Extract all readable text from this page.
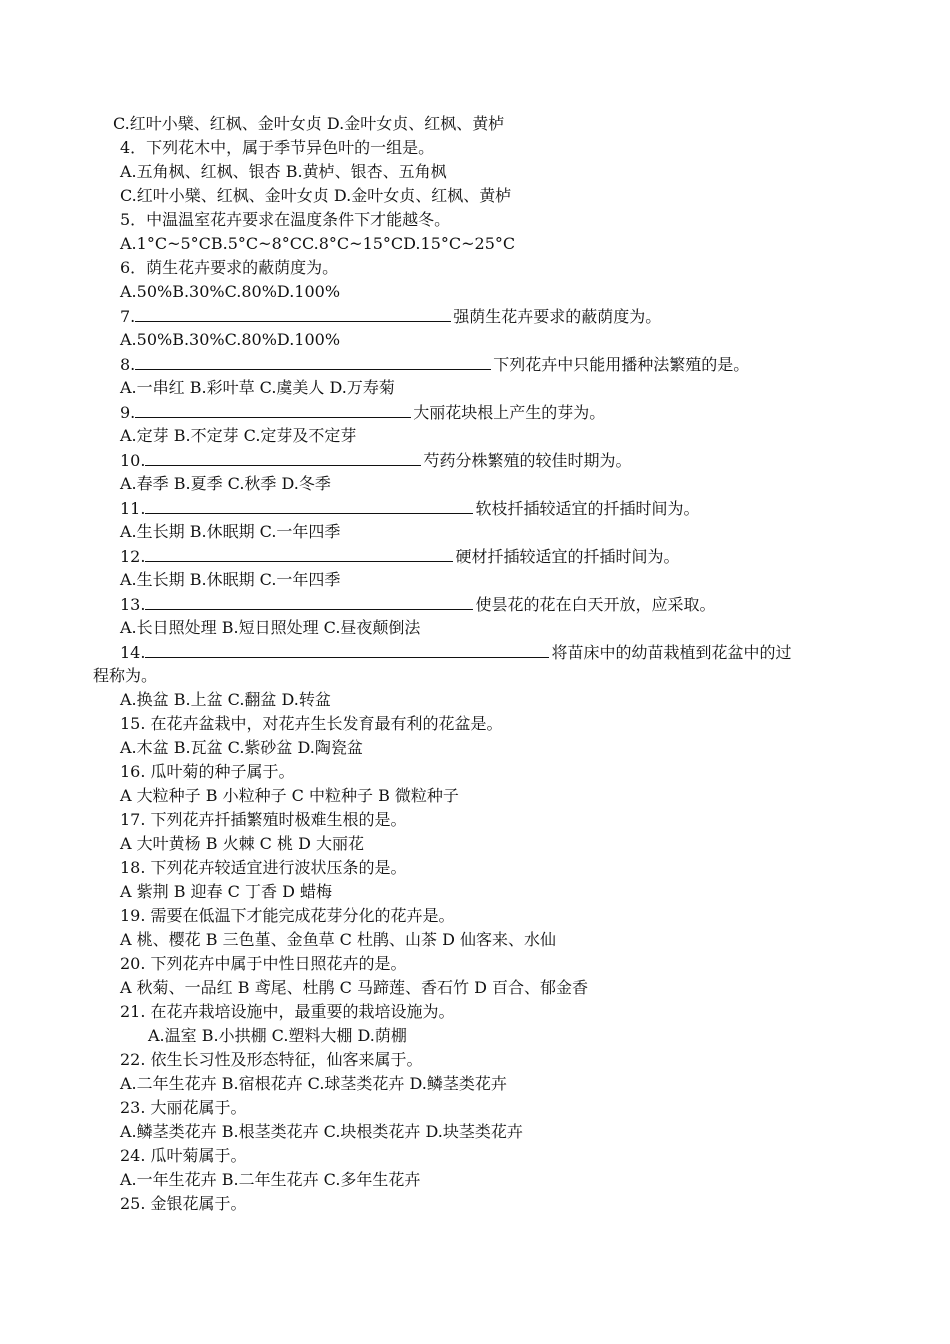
C.红叶小檗、红枫、金叶女贞 D.金叶女贞、红枫、黄栌
4．下列花木中，属于季节异色叶的一组是。
A.五角枫、红枫、银杏 B.黄栌、银杏、五角枫
C.红叶小檗、红枫、金叶女贞 D.金叶女贞、红枫、黄栌
5．中温温室花卉要求在温度条件下才能越冬。
A.1°C~5°CB.5°C~8°CC.8°C~15°CD.15°C~25°C
6．荫生花卉要求的蔽荫度为。
A.50%B.30%C.80%D.100%
7.	强荫生花卉要求的蔽荫度为。
A.50%B.30%C.80%D.100%
8.	下列花卉中只能用播种法繁殖的是。
A.一串红 B.彩叶草 C.虞美人 D.万寿菊
9.	大丽花块根上产生的芽为。
A.定芽 B.不定芽 C.定芽及不定芽
10.	芍药分株繁殖的较佳时期为。
A.春季 B.夏季 C.秋季 D.冬季
11.	软枝扦插较适宜的扦插时间为。
A.生长期 B.休眠期 C.一年四季
12.	硬材扦插较适宜的扦插时间为。
A.生长期 B.休眠期 C.一年四季
13.	使昙花的花在白天开放，应采取。
A.长日照处理 B.短日照处理 C.昼夜颠倒法
14.	将苗床中的幼苗栽植到花盆中的过
程称为。
A.换盆 B.上盆 C.翻盆 D.转盆
15. 在花卉盆栽中，对花卉生长发育最有利的花盆是。
A.木盆 B.瓦盆 C.紫砂盆 D.陶瓷盆
16. 瓜叶菊的种子属于。
A 大粒种子 B 小粒种子 C 中粒种子 B 微粒种子
17. 下列花卉扦插繁殖时极难生根的是。
A 大叶黄杨 B 火棘 C 桃 D 大丽花
18. 下列花卉较适宜进行波状压条的是。
A 紫荆 B 迎春 C 丁香 D 蜡梅
19. 需要在低温下才能完成花芽分化的花卉是。
A 桃、樱花 B 三色堇、金鱼草 C 杜鹃、山茶 D 仙客来、水仙
20. 下列花卉中属于中性日照花卉的是。
A 秋菊、一品红 B 鸢尾、杜鹃 C 马蹄莲、香石竹 D 百合、郁金香
21. 在花卉栽培设施中，最重要的栽培设施为。
A.温室 B.小拱棚 C.塑料大棚 D.荫棚
22. 依生长习性及形态特征，仙客来属于。
A.二年生花卉 B.宿根花卉 C.球茎类花卉 D.鳞茎类花卉
23. 大丽花属于。
A.鳞茎类花卉 B.根茎类花卉 C.块根类花卉 D.块茎类花卉
24. 瓜叶菊属于。
A.一年生花卉 B.二年生花卉 C.多年生花卉
25. 金银花属于。
